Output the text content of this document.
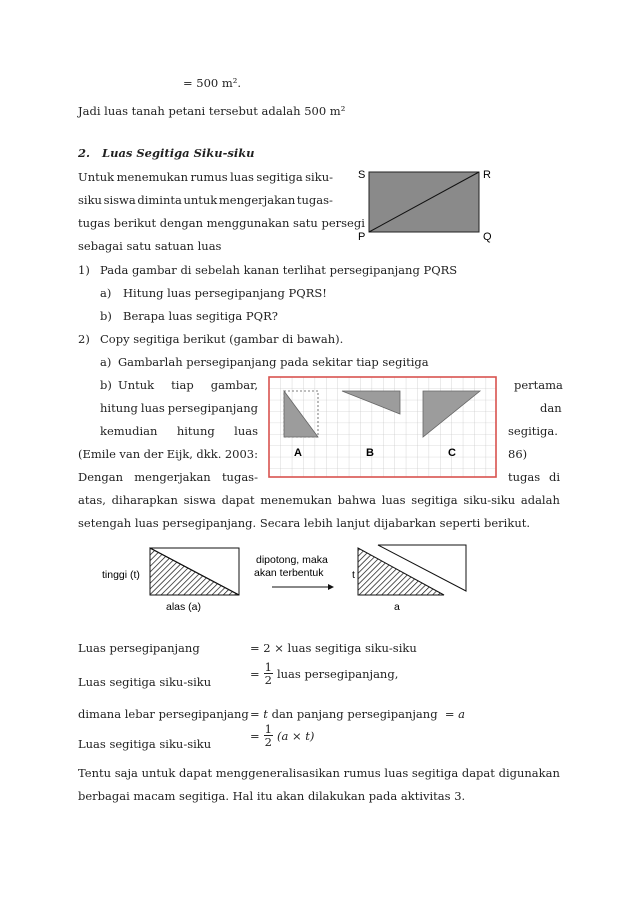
= 500 m².
Jadi luas tanah petani tersebut adalah 500 m²
2. Luas Segitiga Siku-siku
Untuk menemukan rumus luas segitiga siku-
siku siswa diminta untuk mengerjakan tugas-
tugas berikut dengan menggunakan satu persegi
sebagai satu satuan luas
S	R
P	Q
1) Pada gambar di sebelah kanan terlihat persegipanjang PQRS
a) Hitung luas persegipanjang PQRS!
b) Berapa luas segitiga PQR?
2) Copy segitiga berikut (gambar di bawah).
a) Gambarlah persegipanjang pada sekitar tiap segitiga
b) Untuk tiap gambar,	pertama
hitung luas persegipanjang	dan
kemudian hitung luas	segitiga.
(Emile van der Eijk, dkk. 2003:	86)
Dengan mengerjakan tugas-	tugas di
A	B	C
atas, diharapkan siswa dapat menemukan bahwa luas segitiga siku-siku adalah
setengah luas persegipanjang. Secara lebih lanjut dijabarkan seperti berikut.
tinggi (t)
alas (a)
dipotong, maka
akan terbentuk	t
a
Luas persegipanjang	= 2 × luas segitiga siku-siku
Luas segitiga siku-siku
= $\frac{1}{2}$ luas persegipanjang,
dimana lebar persegipanjang = t dan panjang persegipanjang  = a
Luas segitiga siku-siku
= $\frac{1}{2} (a \times t)$
Tentu saja untuk dapat menggeneralisasikan rumus luas segitiga dapat digunakan
berbagai macam segitiga. Hal itu akan dilakukan pada aktivitas 3.
